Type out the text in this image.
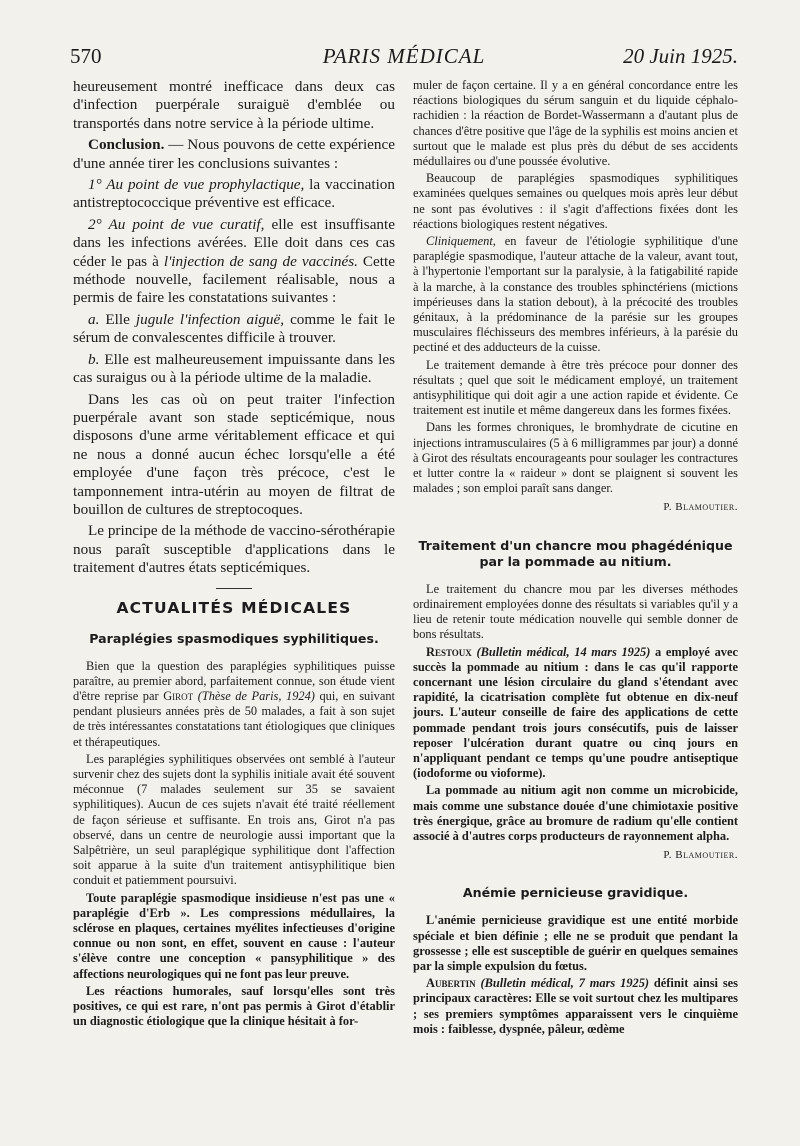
570	PARIS MÉDICAL	20 Juin 1925.

heureusement montré inefficace dans deux cas d'infection puerpérale suraiguë d'emblée ou transportés dans notre service à la période ultime.

Conclusion. — Nous pouvons de cette expérience d'une année tirer les conclusions suivantes :

1° Au point de vue prophylactique, la vaccination antistreptococcique préventive est efficace.

2° Au point de vue curatif, elle est insuffisante dans les infections avérées. Elle doit dans ces cas céder le pas à l'injection de sang de vaccinés. Cette méthode nouvelle, facilement réalisable, nous a permis de faire les constatations suivantes :

a. Elle jugule l'infection aiguë, comme le fait le sérum de convalescentes difficile à trouver.

b. Elle est malheureusement impuissante dans les cas suraigus ou à la période ultime de la maladie.

Dans les cas où on peut traiter l'infection puerpérale avant son stade septicémique, nous disposons d'une arme véritablement efficace et qui ne nous a donné aucun échec lorsqu'elle a été employée d'une façon très précoce, c'est le tamponnement intra-utérin au moyen de filtrat de bouillon de cultures de streptocoques.

Le principe de la méthode de vaccino-sérothérapie nous paraît susceptible d'applications dans le traitement d'autres états septicémiques.

ACTUALITÉS MÉDICALES
Paraplégies spasmodiques syphilitiques.

Bien que la question des paraplégies syphilitiques puisse paraître, au premier abord, parfaitement connue, son étude vient d'être reprise par Girot (Thèse de Paris, 1924) qui, en suivant pendant plusieurs années près de 50 malades, a fait à son sujet de très intéressantes constatations tant étiologiques que cliniques et thérapeutiques.

Les paraplégies syphilitiques observées ont semblé à l'auteur survenir chez des sujets dont la syphilis initiale avait été souvent méconnue (7 malades seulement sur 35 se savaient syphilitiques). Aucun de ces sujets n'avait été traité réellement de façon sérieuse et suffisante. En trois ans, Girot n'a pas observé, dans un centre de neurologie aussi important que la Salpêtrière, un seul paraplégique syphilitique dont l'affection soit apparue à la suite d'un traitement antisyphilitique bien conduit et patiemment poursuivi.

Toute paraplégie spasmodique insidieuse n'est pas une « paraplégie d'Erb ». Les compressions médullaires, la sclérose en plaques, certaines myélites infectieuses d'origine connue ou non sont, en effet, souvent en cause : l'auteur s'élève contre une conception « pansyphilitique » des affections neurologiques qui ne font pas leur preuve.

Les réactions humorales, sauf lorsqu'elles sont très positives, ce qui est rare, n'ont pas permis à Girot d'établir un diagnostic étiologique que la clinique hésitait à for-

muler de façon certaine. Il y a en général concordance entre les réactions biologiques du sérum sanguin et du liquide céphalo-rachidien : la réaction de Bordet-Wassermann a d'autant plus de chances d'être positive que l'âge de la syphilis est moins ancien et surtout que le malade est plus près du début de ses accidents médullaires ou d'une poussée évolutive.

Beaucoup de paraplégies spasmodiques syphilitiques examinées quelques semaines ou quelques mois après leur début ne sont pas évolutives : il s'agit d'affections fixées dont les réactions biologiques restent négatives.

Cliniquement, en faveur de l'étiologie syphilitique d'une paraplégie spasmodique, l'auteur attache de la valeur, avant tout, à l'hypertonie l'emportant sur la paralysie, à la fatigabilité rapide à la marche, à la constance des troubles sphinctériens (mictions impérieuses dans la station debout), à la précocité des troubles génitaux, à la prédominance de la parésie sur les groupes musculaires fléchisseurs des membres inférieurs, à la parésie du pectiné et des adducteurs de la cuisse.

Le traitement demande à être très précoce pour donner des résultats ; quel que soit le médicament employé, un traitement antisyphilitique qui doit agir a une action rapide et évidente. Ce traitement est inutile et même dangereux dans les formes fixées.

Dans les formes chroniques, le bromhydrate de cicutine en injections intramusculaires (5 à 6 milligrammes par jour) a donné à Girot des résultats encourageants pour soulager les contractures et lutter contre la « raideur » dont se plaignent si souvent les malades ; son emploi paraît sans danger.

P. Blamoutier.

Traitement d'un chancre mou phagédénique par la pommade au nitium.

Le traitement du chancre mou par les diverses méthodes ordinairement employées donne des résultats si variables qu'il y a lieu de retenir toute médication nouvelle qui semble donner de bons résultats.

Restoux (Bulletin médical, 14 mars 1925) a employé avec succès la pommade au nitium : dans le cas qu'il rapporte concernant une lésion circulaire du gland s'étendant avec rapidité, la cicatrisation complète fut obtenue en dix-neuf jours. L'auteur conseille de faire des applications de cette pommade pendant trois jours consécutifs, puis de laisser reposer l'ulcération durant quatre ou cinq jours en n'appliquant pendant ce temps qu'une poudre antiseptique (iodoforme ou vioforme).

La pommade au nitium agit non comme un microbicide, mais comme une substance douée d'une chimiotaxie positive très énergique, grâce au bromure de radium qu'elle contient associé à d'autres corps producteurs de rayonnement alpha.

P. Blamoutier.

Anémie pernicieuse gravidique.

L'anémie pernicieuse gravidique est une entité morbide spéciale et bien définie ; elle ne se produit que pendant la grossesse ; elle est susceptible de guérir en quelques semaines par la simple expulsion du fœtus.

Aubertin (Bulletin médical, 7 mars 1925) définit ainsi ses principaux caractères: Elle se voit surtout chez les multipares ; ses premiers symptômes apparaissent vers le cinquième mois : faiblesse, dyspnée, pâleur, œdème
